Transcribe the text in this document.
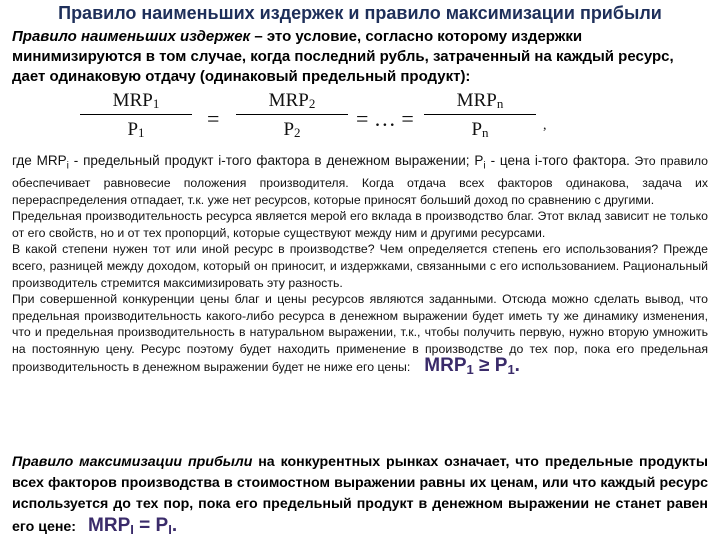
Правило наименьших издержек и правило максимизации прибыли
Правило наименьших издержек – это условие, согласно которому издержки минимизируются в том случае, когда последний рубль, затраченный на каждый ресурс, дает одинаковую отдачу (одинаковый предельный продукт):
MRP1
P1
=
MRP2
P2
= … =
MRPn
Pn	,

где $MRP_i$ - предельный продукт i-того фактора в денежном выражении; $P_i$ - цена i-того фактора. Это правило обеспечивает равновесие положения производителя. Когда отдача всех факторов одинакова, задача их перераспределения отпадает, т.к. уже нет ресурсов, которые приносят больший доход по сравнению с другими.

Предельная производительность ресурса является мерой его вклада в производство благ. Этот вклад зависит не только от его свойств, но и от тех пропорций, которые существуют между ним и другими ресурсами.

В какой степени нужен тот или иной ресурс в производстве? Чем определяется степень его использования? Прежде всего, разницей между доходом, который он приносит, и издержками, связанными с его использованием. Рациональный производитель стремится максимизировать эту разность.

При совершенной конкуренции цены благ и цены ресурсов являются заданными. Отсюда можно сделать вывод, что предельная производительность какого-либо ресурса в денежном выражении будет иметь ту же динамику изменения, что и предельная производительность в натуральном выражении, т.к., чтобы получить первую, нужно вторую умножить на постоянную цену. Ресурс поэтому будет находить применение в производстве до тех пор, пока его предельная производительность в денежном выражении будет не ниже его цены: MRP1 ≥ P1.

Правило максимизации прибыли на конкурентных рынках означает, что предельные продукты всех факторов производства в стоимостном выражении равны их ценам, или что каждый ресурс используется до тех пор, пока его предельный продукт в денежном выражении не станет равен его цене: MRPI = PI.
